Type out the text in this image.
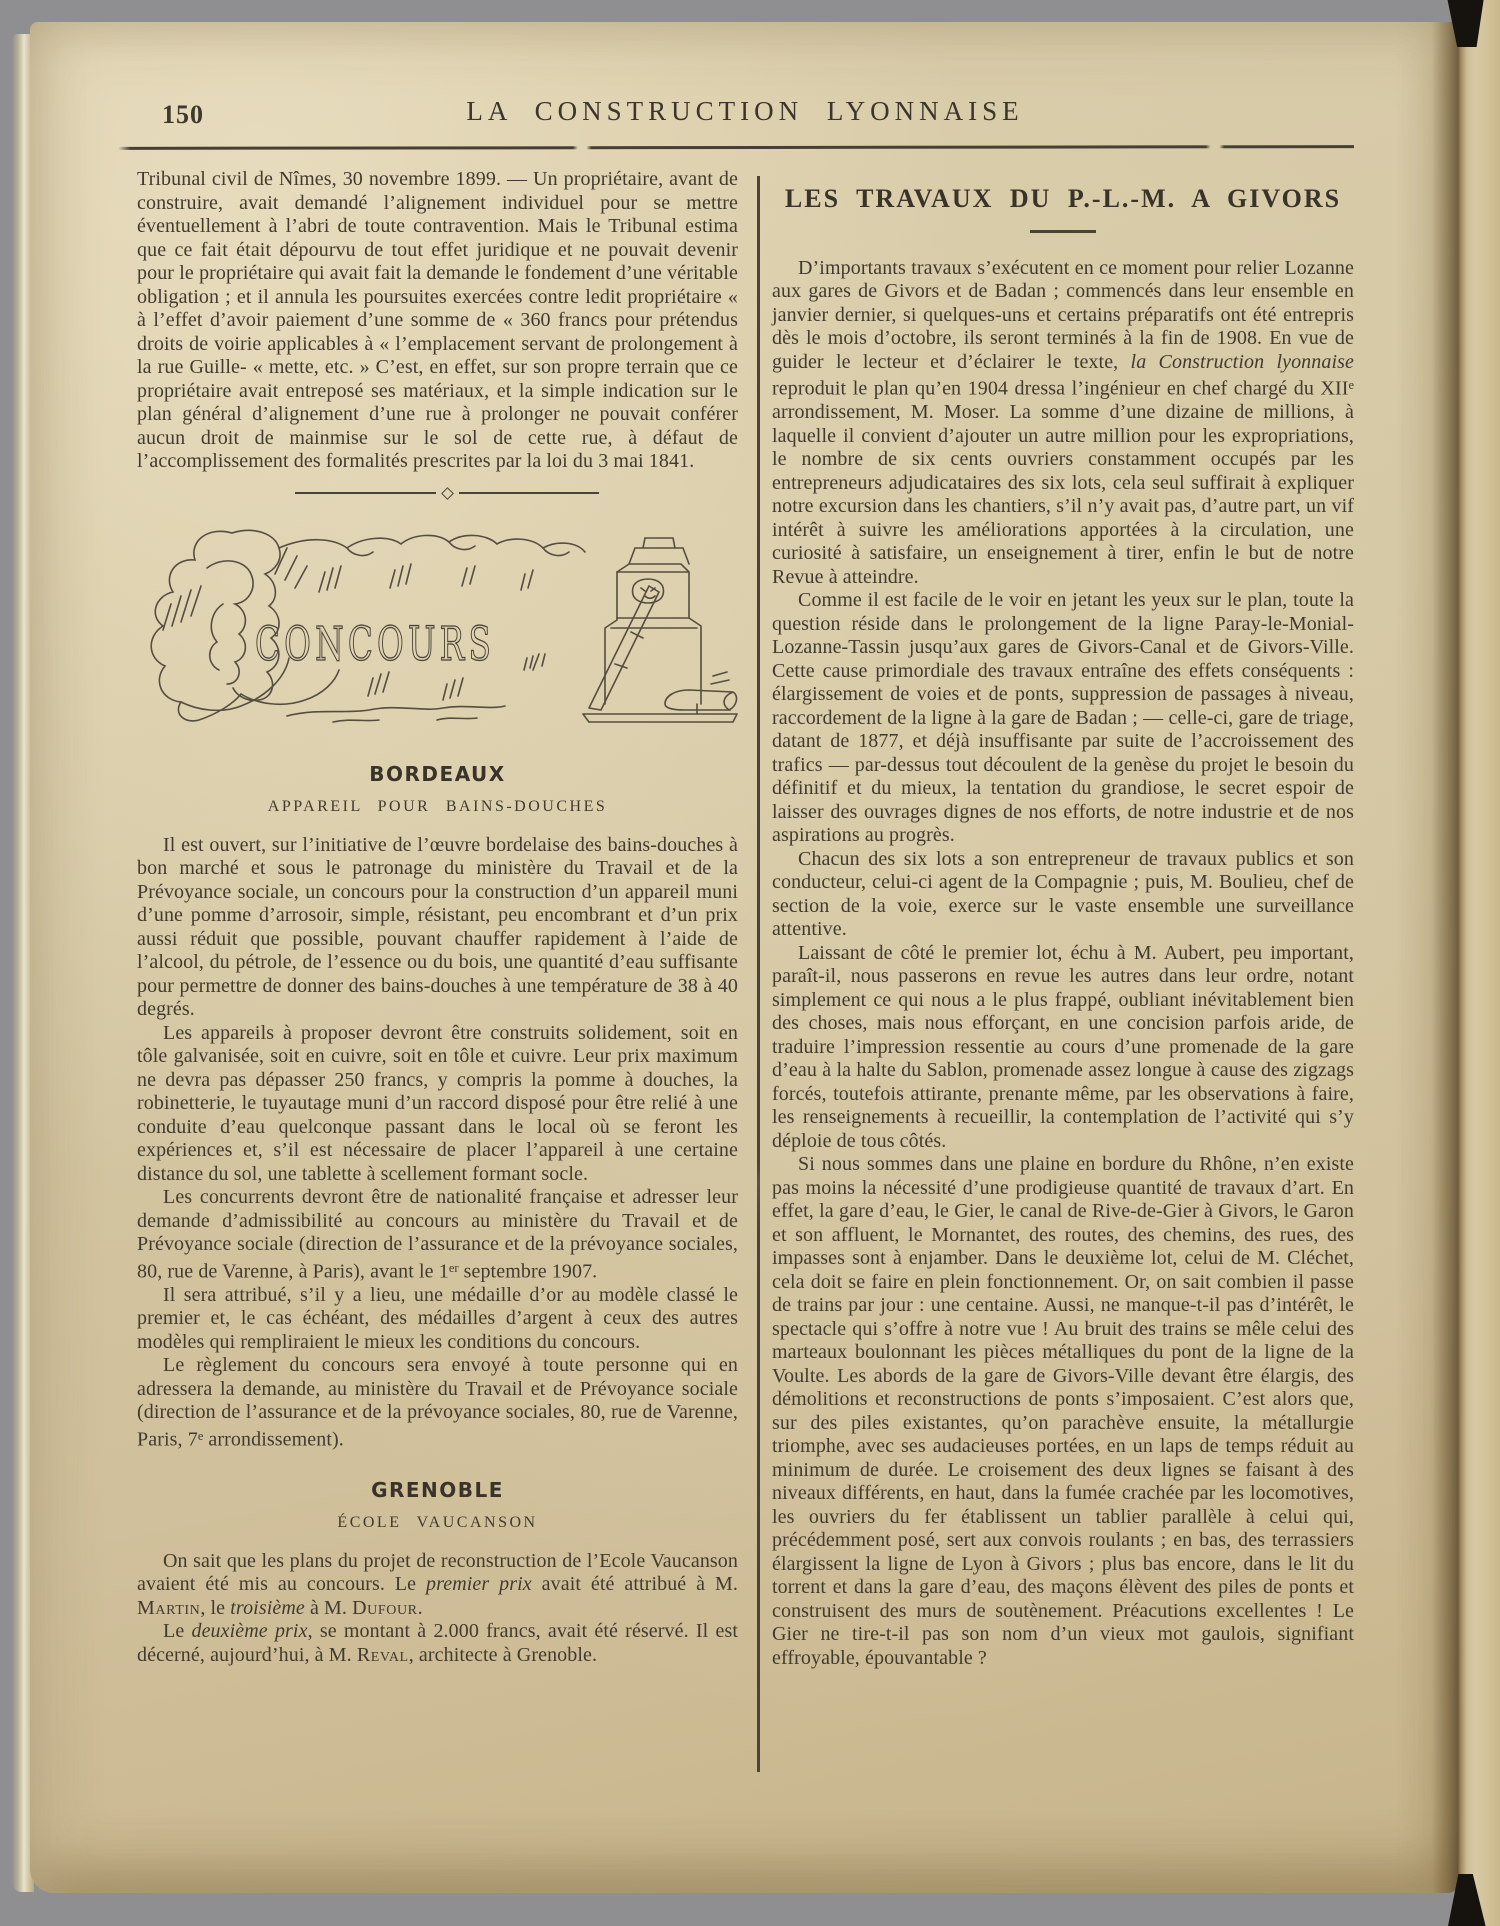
150	LA CONSTRUCTION LYONNAISE

Tribunal civil de Nîmes, 30 novembre 1899. — Un propriétaire, avant de construire, avait demandé l’alignement individuel pour se mettre éventuellement à l’abri de toute contravention. Mais le Tribunal estima que ce fait était dépourvu de tout effet juridique et ne pouvait devenir pour le propriétaire qui avait fait la demande le fondement d’une véritable obligation ; et il annula les poursuites exercées contre ledit propriétaire « à l’effet d’avoir paiement d’une somme de « 360 francs pour prétendus droits de voirie applicables à « l’emplacement servant de prolongement à la rue Guille- « mette, etc. » C’est, en effet, sur son propre terrain que ce propriétaire avait entreposé ses matériaux, et la simple indication sur le plan général d’alignement d’une rue à prolonger ne pouvait conférer aucun droit de mainmise sur le sol de cette rue, à défaut de l’accomplissement des formalités prescrites par la loi du 3 mai 1841.

CONCOURS
BORDEAUX
APPAREIL POUR BAINS-DOUCHES

Il est ouvert, sur l’initiative de l’œuvre bordelaise des bains-douches à bon marché et sous le patronage du ministère du Travail et de la Prévoyance sociale, un concours pour la construction d’un appareil muni d’une pomme d’arrosoir, simple, résistant, peu encombrant et d’un prix aussi réduit que possible, pouvant chauffer rapidement à l’aide de l’alcool, du pétrole, de l’essence ou du bois, une quantité d’eau suffisante pour permettre de donner des bains-douches à une température de 38 à 40 degrés.

Les appareils à proposer devront être construits solidement, soit en tôle galvanisée, soit en cuivre, soit en tôle et cuivre. Leur prix maximum ne devra pas dépasser 250 francs, y compris la pomme à douches, la robinetterie, le tuyautage muni d’un raccord disposé pour être relié à une conduite d’eau quelconque passant dans le local où se feront les expériences et, s’il est nécessaire de placer l’appareil à une certaine distance du sol, une tablette à scellement formant socle.

Les concurrents devront être de nationalité française et adresser leur demande d’admissibilité au concours au ministère du Travail et de Prévoyance sociale (direction de l’assurance et de la prévoyance sociales, 80, rue de Varenne, à Paris), avant le 1er septembre 1907.

Il sera attribué, s’il y a lieu, une médaille d’or au modèle classé le premier et, le cas échéant, des médailles d’argent à ceux des autres modèles qui rempliraient le mieux les conditions du concours.

Le règlement du concours sera envoyé à toute personne qui en adressera la demande, au ministère du Travail et de Prévoyance sociale (direction de l’assurance et de la prévoyance sociales, 80, rue de Varenne, Paris, 7e arrondissement).

GRENOBLE
ÉCOLE VAUCANSON

On sait que les plans du projet de reconstruction de l’Ecole Vaucanson avaient été mis au concours. Le premier prix avait été attribué à M. Martin, le troisième à M. Dufour.

Le deuxième prix, se montant à 2.000 francs, avait été réservé. Il est décerné, aujourd’hui, à M. Reval, architecte à Grenoble.

LES TRAVAUX DU P.-L.-M. A GIVORS

D’importants travaux s’exécutent en ce moment pour relier Lozanne aux gares de Givors et de Badan ; commencés dans leur ensemble en janvier dernier, si quelques-uns et certains préparatifs ont été entrepris dès le mois d’octobre, ils seront terminés à la fin de 1908. En vue de guider le lecteur et d’éclairer le texte, la Construction lyonnaise reproduit le plan qu’en 1904 dressa l’ingénieur en chef chargé du XIIe arrondissement, M. Moser. La somme d’une dizaine de millions, à laquelle il convient d’ajouter un autre million pour les expropriations, le nombre de six cents ouvriers constamment occupés par les entrepreneurs adjudicataires des six lots, cela seul suffirait à expliquer notre excursion dans les chantiers, s’il n’y avait pas, d’autre part, un vif intérêt à suivre les améliorations apportées à la circulation, une curiosité à satisfaire, un enseignement à tirer, enfin le but de notre Revue à atteindre.

Comme il est facile de le voir en jetant les yeux sur le plan, toute la question réside dans le prolongement de la ligne Paray-le-Monial-Lozanne-Tassin jusqu’aux gares de Givors-Canal et de Givors-Ville. Cette cause primordiale des travaux entraîne des effets conséquents : élargissement de voies et de ponts, suppression de passages à niveau, raccordement de la ligne à la gare de Badan ; — celle-ci, gare de triage, datant de 1877, et déjà insuffisante par suite de l’accroissement des trafics — par-dessus tout découlent de la genèse du projet le besoin du définitif et du mieux, la tentation du grandiose, le secret espoir de laisser des ouvrages dignes de nos efforts, de notre industrie et de nos aspirations au progrès.

Chacun des six lots a son entrepreneur de travaux publics et son conducteur, celui-ci agent de la Compagnie ; puis, M. Boulieu, chef de section de la voie, exerce sur le vaste ensemble une surveillance attentive.

Laissant de côté le premier lot, échu à M. Aubert, peu important, paraît-il, nous passerons en revue les autres dans leur ordre, notant simplement ce qui nous a le plus frappé, oubliant inévitablement bien des choses, mais nous efforçant, en une concision parfois aride, de traduire l’impression ressentie au cours d’une promenade de la gare d’eau à la halte du Sablon, promenade assez longue à cause des zigzags forcés, toutefois attirante, prenante même, par les observations à faire, les renseignements à recueillir, la contemplation de l’activité qui s’y déploie de tous côtés.

Si nous sommes dans une plaine en bordure du Rhône, n’en existe pas moins la nécessité d’une prodigieuse quantité de travaux d’art. En effet, la gare d’eau, le Gier, le canal de Rive-de-Gier à Givors, le Garon et son affluent, le Mornantet, des routes, des chemins, des rues, des impasses sont à enjamber. Dans le deuxième lot, celui de M. Cléchet, cela doit se faire en plein fonctionnement. Or, on sait combien il passe de trains par jour : une centaine. Aussi, ne manque-t-il pas d’intérêt, le spectacle qui s’offre à notre vue ! Au bruit des trains se mêle celui des marteaux boulonnant les pièces métalliques du pont de la ligne de la Voulte. Les abords de la gare de Givors-Ville devant être élargis, des démolitions et reconstructions de ponts s’imposaient. C’est alors que, sur des piles existantes, qu’on parachève ensuite, la métallurgie triomphe, avec ses audacieuses portées, en un laps de temps réduit au minimum de durée. Le croisement des deux lignes se faisant à des niveaux différents, en haut, dans la fumée crachée par les locomotives, les ouvriers du fer établissent un tablier parallèle à celui qui, précédemment posé, sert aux convois roulants ; en bas, des terrassiers élargissent la ligne de Lyon à Givors ; plus bas encore, dans le lit du torrent et dans la gare d’eau, des maçons élèvent des piles de ponts et construisent des murs de soutènement. Préacutions excellentes ! Le Gier ne tire-t-il pas son nom d’un vieux mot gaulois, signifiant effroyable, épouvantable ?
